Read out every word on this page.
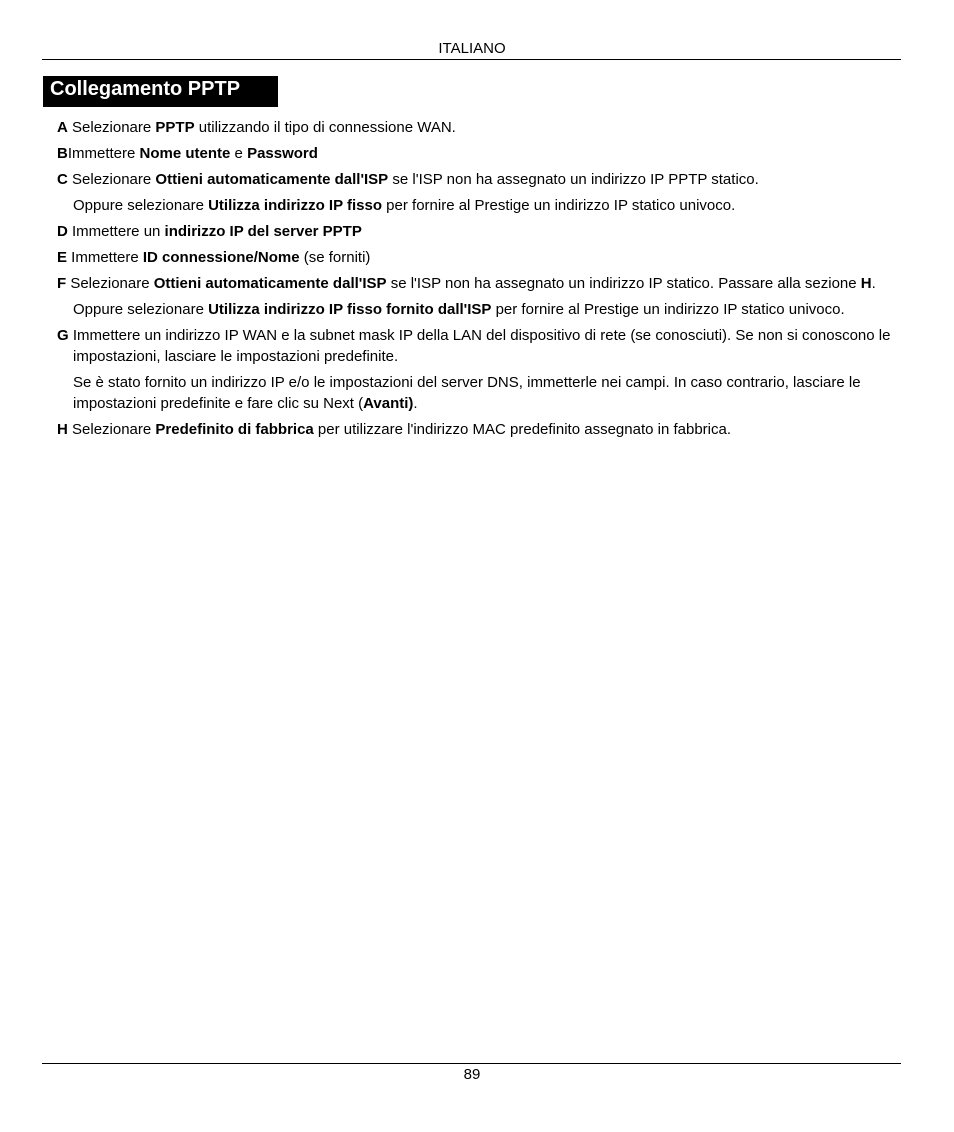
ITALIANO
Collegamento PPTP

A Selezionare PPTP utilizzando il tipo di connessione WAN.

BImmettere Nome utente e Password

C Selezionare Ottieni automaticamente dall'ISP se l'ISP non ha assegnato un indirizzo IP PPTP statico.

Oppure selezionare Utilizza indirizzo IP fisso per fornire al Prestige un indirizzo IP statico univoco.

D Immettere un indirizzo IP del server PPTP

E Immettere ID connessione/Nome (se forniti)

F Selezionare Ottieni automaticamente dall'ISP se l'ISP non ha assegnato un indirizzo IP statico. Passare alla sezione H.

Oppure selezionare Utilizza indirizzo IP fisso fornito dall'ISP per fornire al Prestige un indirizzo IP statico univoco.

G Immettere un indirizzo IP WAN e la subnet mask IP della LAN del dispositivo di rete (se conosciuti). Se non si conoscono le impostazioni, lasciare le impostazioni predefinite.

Se è stato fornito un indirizzo IP e/o le impostazioni del server DNS, immetterle nei campi. In caso contrario, lasciare le impostazioni predefinite e fare clic su Next (Avanti).

H Selezionare Predefinito di fabbrica per utilizzare l'indirizzo MAC predefinito assegnato in fabbrica.

89
